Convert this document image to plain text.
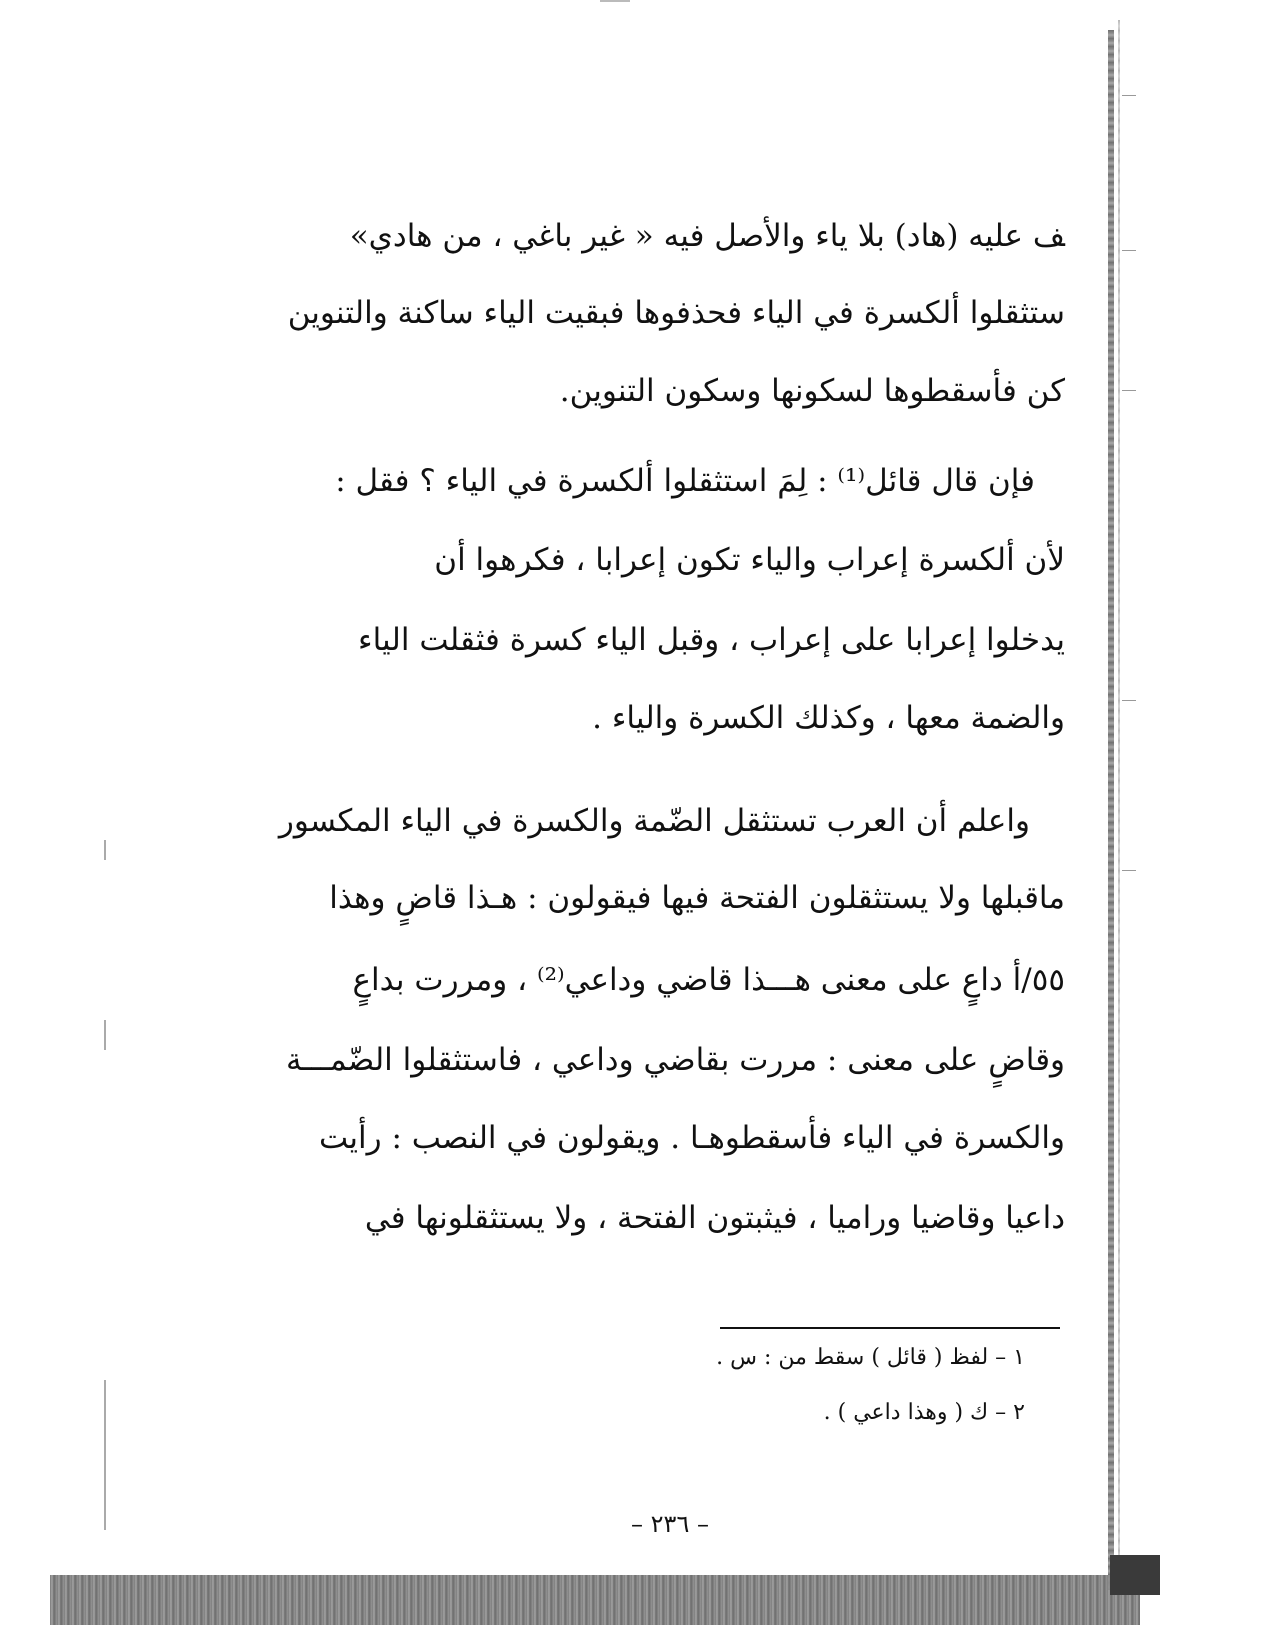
ﻒ عليه (هاد) بلا ياء والأصل فيه « غير باغي ، من هادي»
ستثقلوا ألكسرة في الياء فحذفوها فبقيت الياء ساكنة والتنوين
كن فأسقطوها لسكونها وسكون التنوين.
فإن قال قائل⁽¹⁾ : لِمَ استثقلوا ألكسرة في الياء ؟ فقل :
لأن ألكسرة إعراب والياء تكون إعرابا ، فكرهوا أن
يدخلوا إعرابا على إعراب ، وقبل الياء كسرة فثقلت الياء
والضمة معها ، وكذلك الكسرة والياء .
واعلم أن العرب تستثقل الضّمة والكسرة في الياء المكسور
ماقبلها ولا يستثقلون الفتحة فيها فيقولون : هـذا قاضٍ وهذا
٥٥/أ داعٍ على معنى هـــذا قاضي وداعي⁽²⁾ ، ومررت بداعٍ
وقاضٍ على معنى : مررت بقاضي وداعي ، فاستثقلوا الضّمـــة
والكسرة في الياء فأسقطوهـا . ويقولون في النصب : رأيت
داعيا وقاضيا وراميا ، فيثبتون الفتحة ، ولا يستثقلونها في
١ – لفظ ( قائل ) سقط من : س .
٢ – ك ( وهذا داعي ) .
– ٢٣٦ –
